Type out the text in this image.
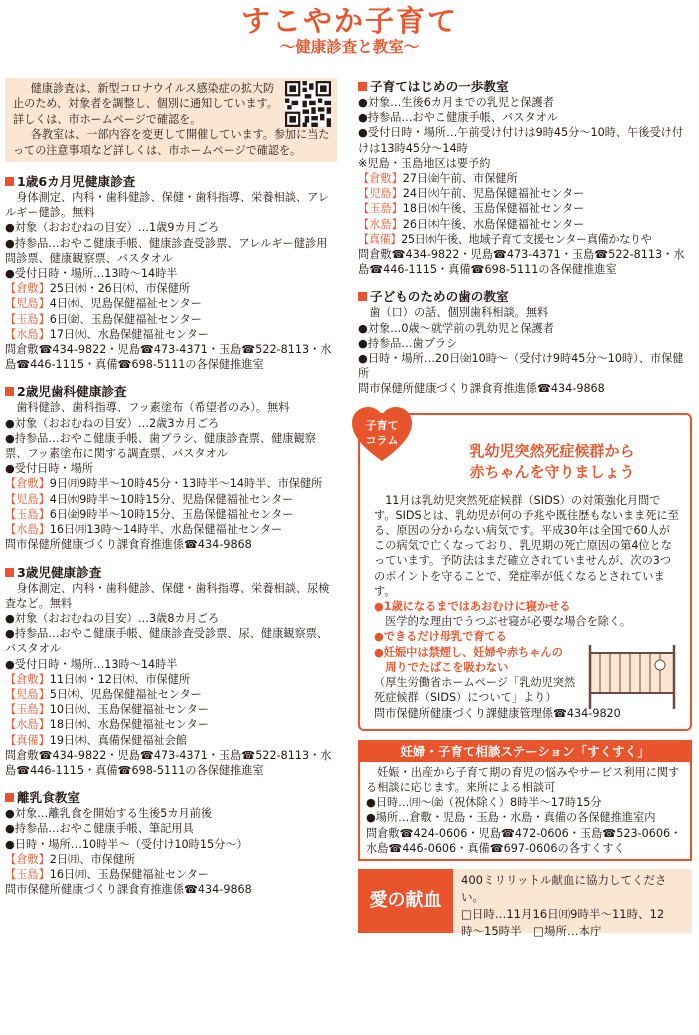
すこやか子育て
〜健康診査と教室〜

健康診査は、新型コロナウイルス感染症の拡大防止のため、対象者を調整し、個別に通知しています。詳しくは、市ホームページで確認を。

各教室は、一部内容を変更して開催しています。参加に当たっての注意事項など詳しくは、市ホームページで確認を。

1歳6カ月児健康診査
身体測定、内科・歯科健診、保健・歯科指導、栄養相談、アレルギー健診。無料
●対象（おおむねの目安）…1歳9カ月ごろ
●持参品…おやこ健康手帳、健康診査受診票、アレルギー健診用問診票、健康観察票、バスタオル
●受付日時・場所…13時〜14時半
【倉敷】25日㈬・26日㈭、市保健所
【児島】4日㈬、児島保健福祉センター
【玉島】6日㈮、玉島保健福祉センター
【水島】17日㈫、水島保健福祉センター
問倉敷☎434-9822・児島☎473-4371・玉島☎522-8113・水島☎446-1115・真備☎698-5111の各保健推進室
2歳児歯科健康診査
歯科健診、歯科指導、フッ素塗布（希望者のみ）。無料
●対象（おおむねの目安）…2歳3カ月ごろ
●持参品…おやこ健康手帳、歯ブラシ、健康診査票、健康観察票、フッ素塗布に関する調査票、バスタオル
●受付日時・場所
【倉敷】9日㈪9時半〜10時45分・13時半〜14時半、市保健所
【児島】4日㈬9時半〜10時15分、児島保健福祉センター
【玉島】6日㈮9時半〜10時15分、玉島保健福祉センター
【水島】16日㈪13時〜14時半、水島保健福祉センター
問市保健所健康づくり課食育推進係☎434-9868
3歳児健康診査
身体測定、内科・歯科健診、保健・歯科指導、栄養相談、尿検査など。無料
●対象（おおむねの目安）…3歳8カ月ごろ
●持参品…おやこ健康手帳、健康診査受診票、尿、健康観察票、バスタオル
●受付日時・場所…13時〜14時半
【倉敷】11日㈬・12日㈭、市保健所
【児島】5日㈭、児島保健福祉センター
【玉島】10日㈫、玉島保健福祉センター
【水島】18日㈬、水島保健福祉センター
【真備】19日㈭、真備保健福祉会館
問倉敷☎434-9822・児島☎473-4371・玉島☎522-8113・水島☎446-1115・真備☎698-5111の各保健推進室
離乳食教室
●対象…離乳食を開始する生後5カ月前後
●持参品…おやこ健康手帳、筆記用具
●日時・場所…10時半〜（受付け10時15分〜）
【倉敷】2日㈪、市保健所
【玉島】16日㈪、玉島保健福祉センター
問市保健所健康づくり課食育推進係☎434-9868
子育てはじめの一歩教室
●対象…生後6カ月までの乳児と保護者
●持参品…おやこ健康手帳、バスタオル
●受付日時・場所…午前受け付けは9時45分〜10時、午後受け付けは13時45分〜14時
※児島・玉島地区は要予約
【倉敷】27日㈮午前、市保健所
【児島】24日㈫午前、児島保健福祉センター
【玉島】18日㈬午後、玉島保健福祉センター
【水島】26日㈭午後、水島保健福祉センター
【真備】25日㈬午後、地域子育て支援センター真備かなりや
問倉敷☎434-9822・児島☎473-4371・玉島☎522-8113・水島☎446-1115・真備☎698-5111の各保健推進室
子どものための歯の教室
歯（口）の話、個別歯科相談。無料
●対象…0歳〜就学前の乳幼児と保護者
●持参品…歯ブラシ
●日時・場所…20日㈮10時〜（受付け9時45分〜10時）、市保健所
問市保健所健康づくり課食育推進係☎434-9868
子育て
コラム
乳幼児突然死症候群から
赤ちゃんを守りましょう

11月は乳幼児突然死症候群（SIDS）の対策強化月間です。SIDSとは、乳幼児が何の予兆や既往歴もないまま死に至る、原因の分からない病気です。平成30年は全国で60人がこの病気で亡くなっており、乳児期の死亡原因の第4位となっています。予防法はまだ確立されていませんが、次の3つのポイントを守ることで、発症率が低くなるとされています。

●1歳になるまではあおむけに寝かせる
医学的な理由でうつぶせ寝が必要な場合を除く。
●できるだけ母乳で育てる
●妊娠中は禁煙し、妊婦や赤ちゃんの
周りでたばこを吸わない
（厚生労働省ホームページ「乳幼児突然
死症候群（SIDS）について」より）
問市保健所健康づくり課健康管理係☎434-9820
妊婦・子育て相談ステーション「すくすく」
妊娠・出産から子育て期の育児の悩みやサービス利用に関する相談に応じます。来所による相談可
●日時…㈪〜㈮（祝休除く）8時半〜17時15分
●場所…倉敷・児島・玉島・水島・真備の各保健推進室内
問倉敷☎424-0606・児島☎472-0606・玉島☎523-0606・水島☎446-0606・真備☎697-0606の各すくすく
愛の献血
400ミリリットル献血に協力してください。
□日時…11月16日㈪9時半〜11時、12時〜15時半　□場所…本庁
